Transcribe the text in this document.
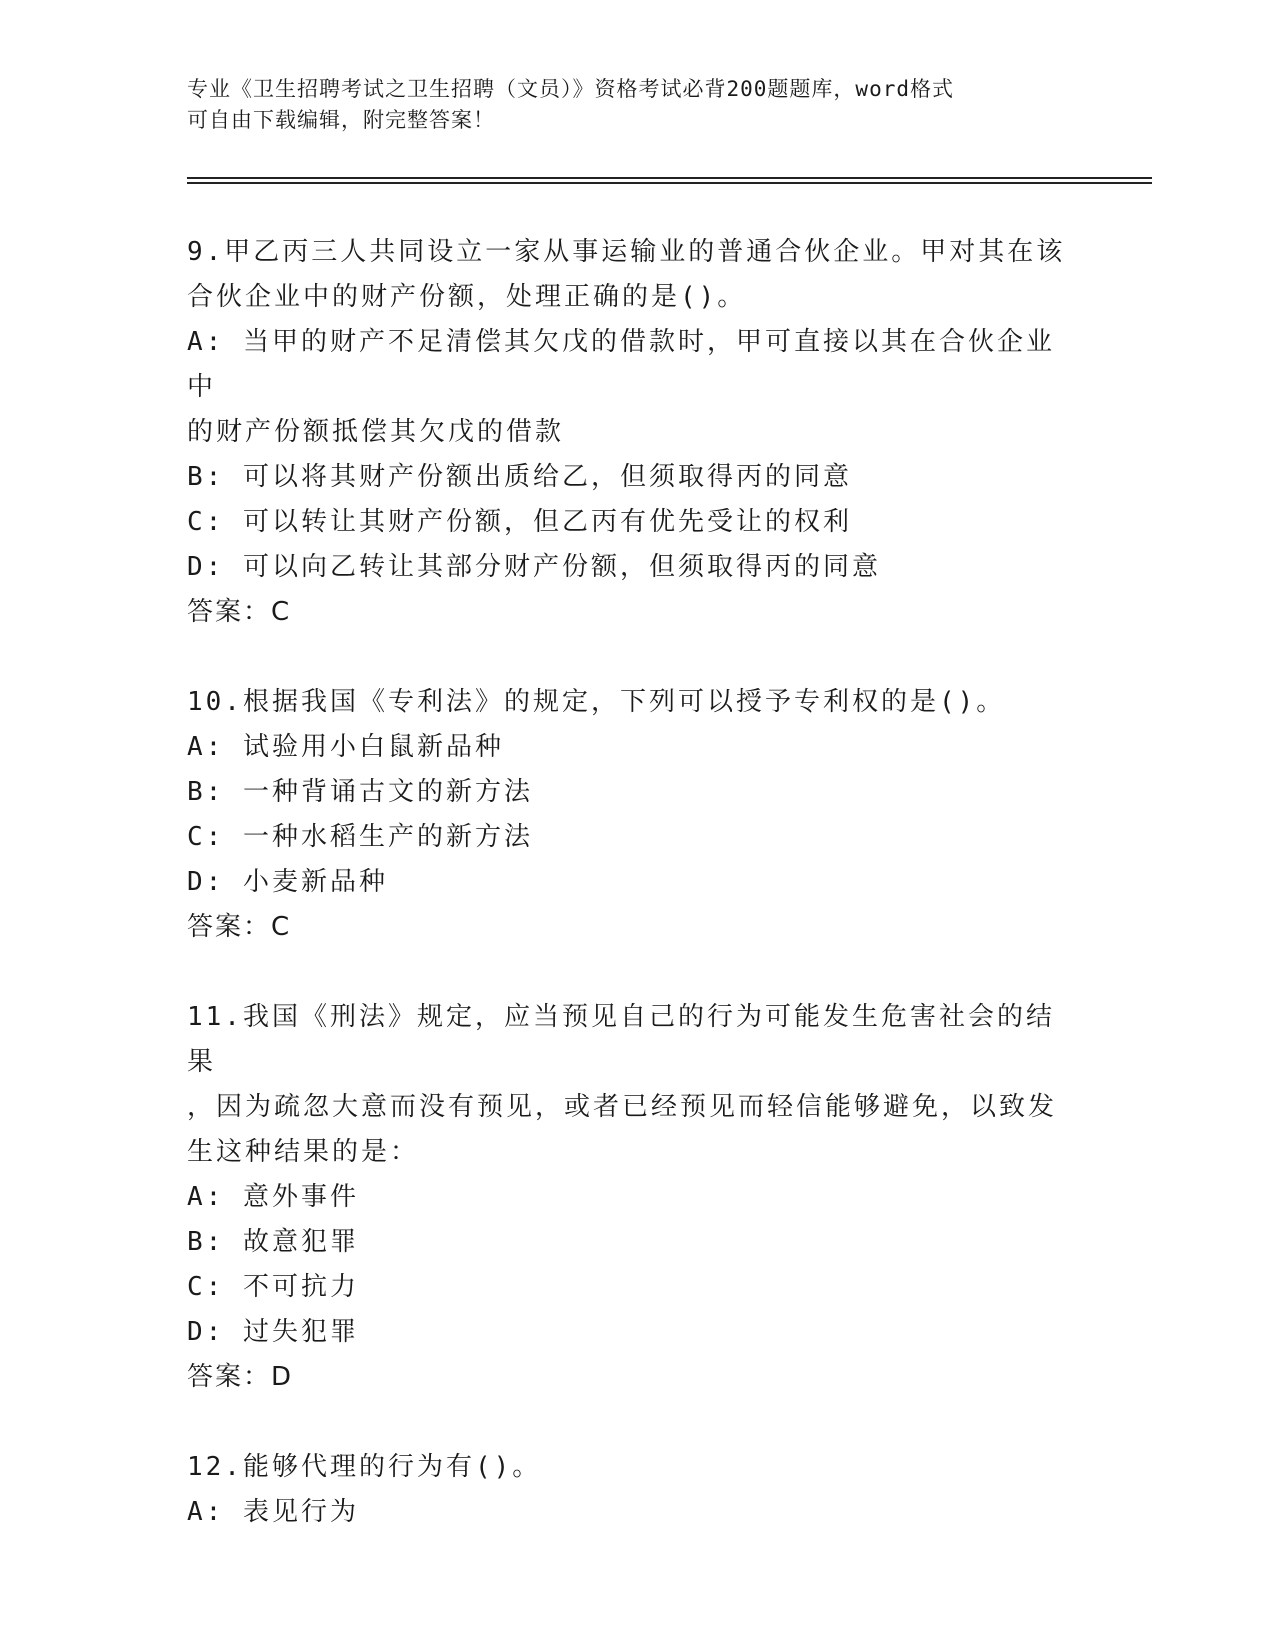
专业《卫生招聘考试之卫生招聘（文员）》资格考试必背200题题库，word格式
可自由下载编辑，附完整答案！
9.甲乙丙三人共同设立一家从事运输业的普通合伙企业。甲对其在该
合伙企业中的财产份额，处理正确的是()。
A: 当甲的财产不足清偿其欠戊的借款时，甲可直接以其在合伙企业中
的财产份额抵偿其欠戊的借款
B: 可以将其财产份额出质给乙，但须取得丙的同意
C: 可以转让其财产份额，但乙丙有优先受让的权利
D: 可以向乙转让其部分财产份额，但须取得丙的同意
答案：C
10.根据我国《专利法》的规定，下列可以授予专利权的是()。
A: 试验用小白鼠新品种
B: 一种背诵古文的新方法
C: 一种水稻生产的新方法
D: 小麦新品种
答案：C
11.我国《刑法》规定，应当预见自己的行为可能发生危害社会的结果
，因为疏忽大意而没有预见，或者已经预见而轻信能够避免，以致发
生这种结果的是：
A: 意外事件
B: 故意犯罪
C: 不可抗力
D: 过失犯罪
答案：D
12.能够代理的行为有()。
A: 表见行为
